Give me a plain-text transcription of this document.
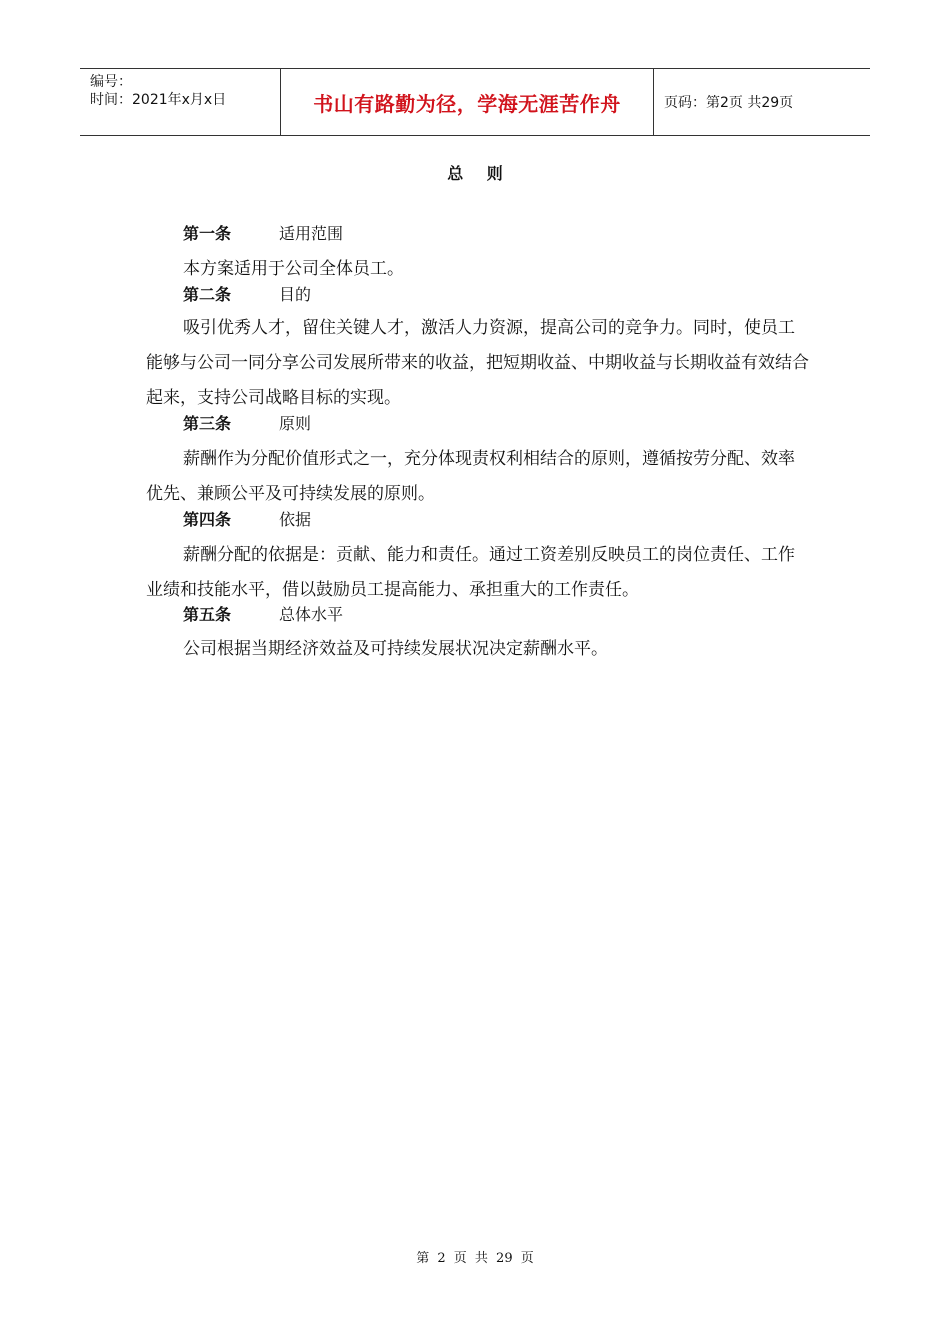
编号：
时间：2021年x月x日	书山有路勤为径，学海无涯苦作舟	页码：第2页 共29页
总 则
第一条	适用范围

本方案适用于公司全体员工。

第二条	目的

吸引优秀人才，留住关键人才，激活人力资源，提高公司的竞争力。同时，使员工能够与公司一同分享公司发展所带来的收益，把短期收益、中期收益与长期收益有效结合起来，支持公司战略目标的实现。

第三条	原则

薪酬作为分配价值形式之一，充分体现责权利相结合的原则，遵循按劳分配、效率优先、兼顾公平及可持续发展的原则。

第四条	依据

薪酬分配的依据是：贡献、能力和责任。通过工资差别反映员工的岗位责任、工作业绩和技能水平，借以鼓励员工提高能力、承担重大的工作责任。

第五条	总体水平

公司根据当期经济效益及可持续发展状况决定薪酬水平。

第 2 页 共 29 页
